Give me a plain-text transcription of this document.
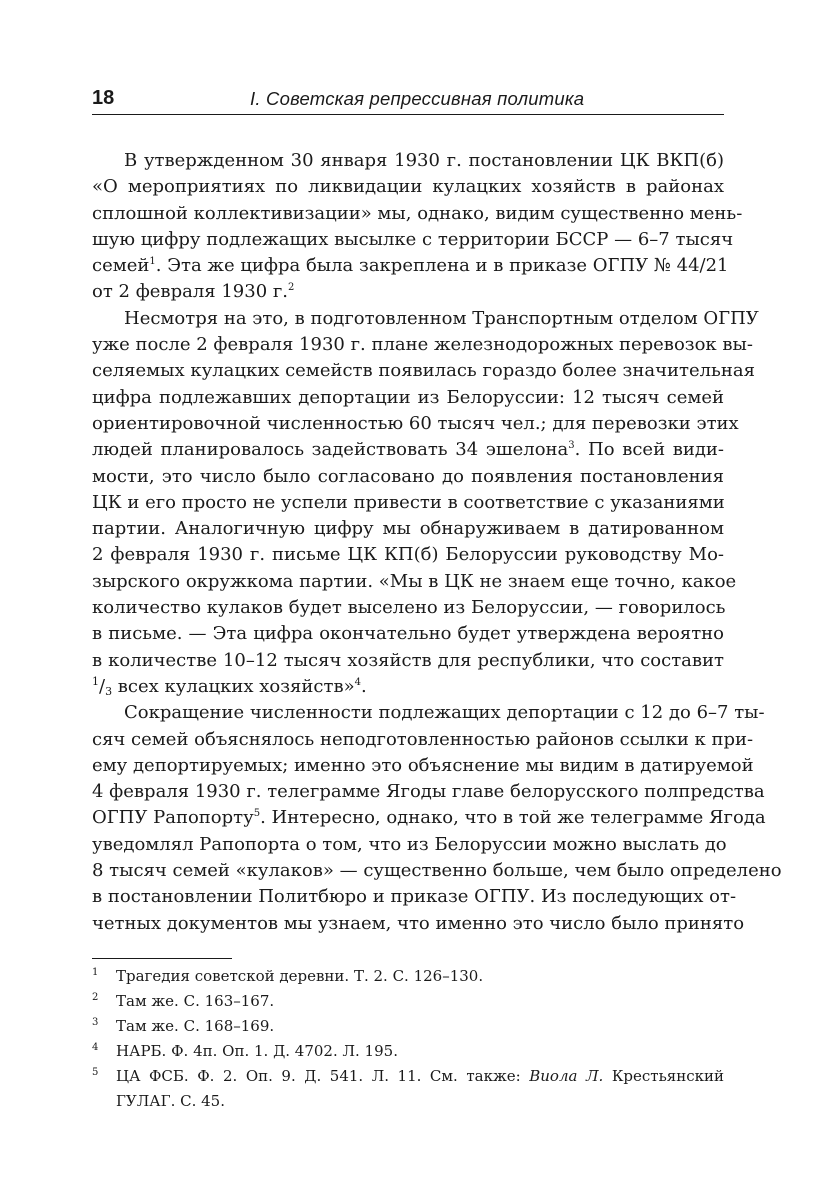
18	I. Советская репрессивная политика
В утвержденном 30 января 1930 г. постановлении ЦК ВКП(б)
«О мероприятиях по ликвидации кулацких хозяйств в районах
сплошной коллективизации» мы, однако, видим существенно мень-
шую цифру подлежащих высылке с территории БССР — 6–7 тысяч
семей$^1$. Эта же цифра была закреплена и в приказе ОГПУ № 44/21
от 2 февраля 1930 г.$^2$
Несмотря на это, в подготовленном Транспортным отделом ОГПУ
уже после 2 февраля 1930 г. плане железнодорожных перевозок вы-
селяемых кулацких семейств появилась гораздо более значительная
цифра подлежавших депортации из Белоруссии: 12 тысяч семей
ориентировочной численностью 60 тысяч чел.; для перевозки этих
людей планировалось задействовать 34 эшелона$^3$. По всей види-
мости, это число было согласовано до появления постановления
ЦК и его просто не успели привести в соответствие с указаниями
партии. Аналогичную цифру мы обнаруживаем в датированном
2 февраля 1930 г. письме ЦК КП(б) Белоруссии руководству Мо-
зырского окружкома партии. «Мы в ЦК не знаем еще точно, какое
количество кулаков будет выселено из Белоруссии, — говорилось
в письме. — Эта цифра окончательно будет утверждена вероятно
в количестве 10–12 тысяч хозяйств для республики, что составит
$^1$/3 всех кулацких хозяйств»$^4$.
Сокращение численности подлежащих депортации с 12 до 6–7 ты-
сяч семей объяснялось неподготовленностью районов ссылки к при-
ему депортируемых; именно это объяснение мы видим в датируемой
4 февраля 1930 г. телеграмме Ягоды главе белорусского полпредства
ОГПУ Рапопорту$^5$. Интересно, однако, что в той же телеграмме Ягода
уведомлял Рапопорта о том, что из Белоруссии можно выслать до
8 тысяч семей «кулаков» — существенно больше, чем было определено
в постановлении Политбюро и приказе ОГПУ. Из последующих от-
четных документов мы узнаем, что именно это число было принято
1 Трагедия советской деревни. Т. 2. С. 126–130.
2 Там же. С. 163–167.
3 Там же. С. 168–169.
4 НАРБ. Ф. 4п. Оп. 1. Д. 4702. Л. 195.
5 ЦА ФСБ. Ф. 2. Оп. 9. Д. 541. Л. 11. См. также: Виола Л. Крестьянский
ГУЛАГ. С. 45.
